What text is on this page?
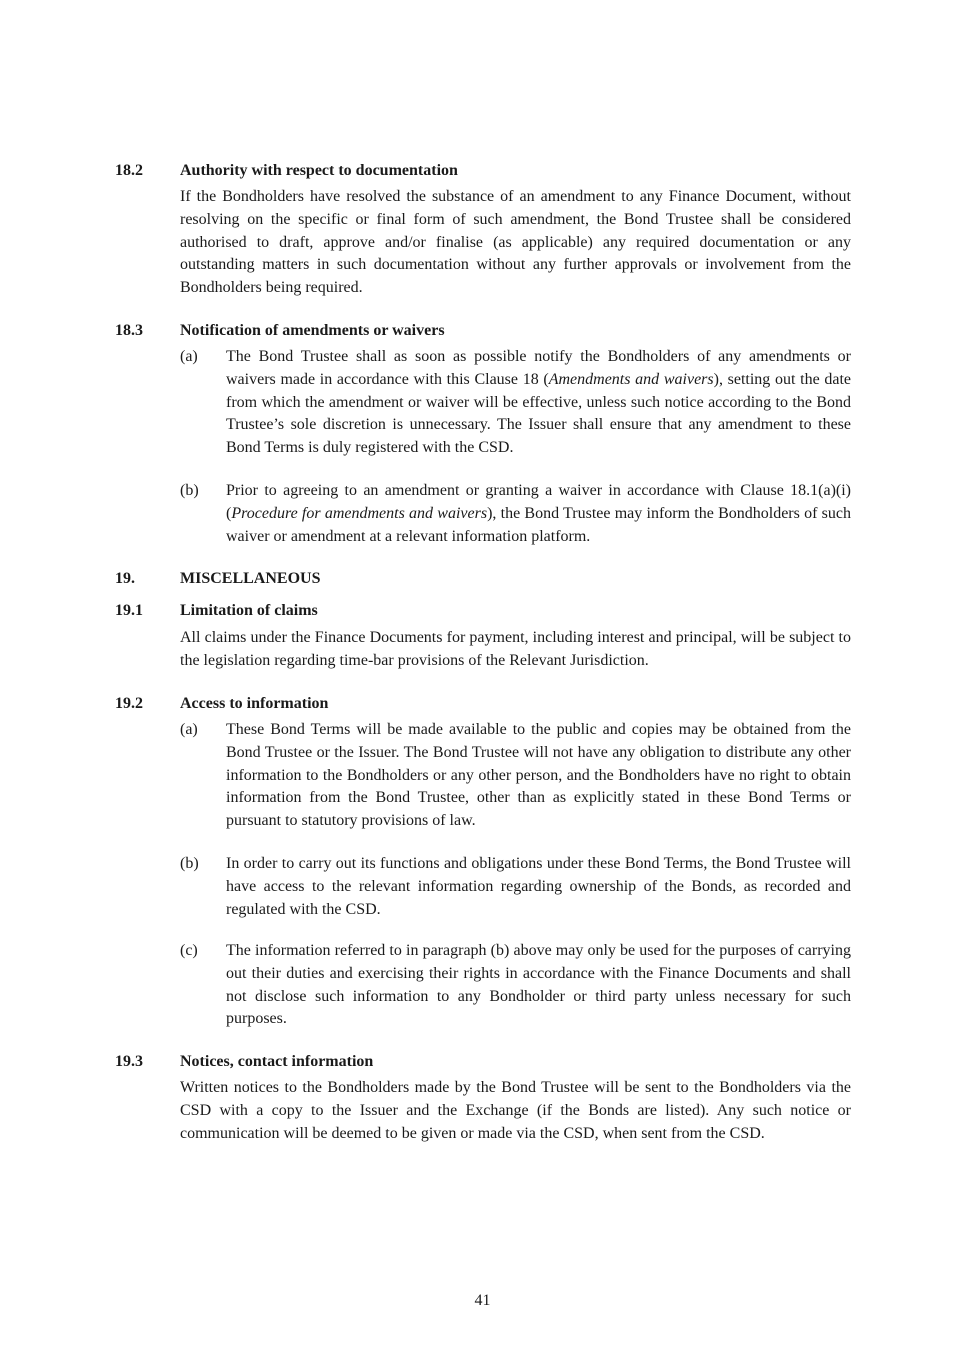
18.2 Authority with respect to documentation

If the Bondholders have resolved the substance of an amendment to any Finance Document, without resolving on the specific or final form of such amendment, the Bond Trustee shall be considered authorised to draft, approve and/or finalise (as applicable) any required documentation or any outstanding matters in such documentation without any further approvals or involvement from the Bondholders being required.

18.3 Notification of amendments or waivers
(a) The Bond Trustee shall as soon as possible notify the Bondholders of any amendments or waivers made in accordance with this Clause 18 (Amendments and waivers), setting out the date from which the amendment or waiver will be effective, unless such notice according to the Bond Trustee’s sole discretion is unnecessary. The Issuer shall ensure that any amendment to these Bond Terms is duly registered with the CSD.

(b) Prior to agreeing to an amendment or granting a waiver in accordance with Clause 18.1(a)(i) (Procedure for amendments and waivers), the Bond Trustee may inform the Bondholders of such waiver or amendment at a relevant information platform.

19.	MISCELLANEOUS
19.1 Limitation of claims

All claims under the Finance Documents for payment, including interest and principal, will be subject to the legislation regarding time-bar provisions of the Relevant Jurisdiction.

19.2 Access to information
(a) These Bond Terms will be made available to the public and copies may be obtained from the Bond Trustee or the Issuer. The Bond Trustee will not have any obligation to distribute any other information to the Bondholders or any other person, and the Bondholders have no right to obtain information from the Bond Trustee, other than as explicitly stated in these Bond Terms or pursuant to statutory provisions of law.

(b) In order to carry out its functions and obligations under these Bond Terms, the Bond Trustee will have access to the relevant information regarding ownership of the Bonds, as recorded and regulated with the CSD.

(c) The information referred to in paragraph (b) above may only be used for the purposes of carrying out their duties and exercising their rights in accordance with the Finance Documents and shall not disclose such information to any Bondholder or third party unless necessary for such purposes.

19.3 Notices, contact information

Written notices to the Bondholders made by the Bond Trustee will be sent to the Bondholders via the CSD with a copy to the Issuer and the Exchange (if the Bonds are listed). Any such notice or communication will be deemed to be given or made via the CSD, when sent from the CSD.

41
